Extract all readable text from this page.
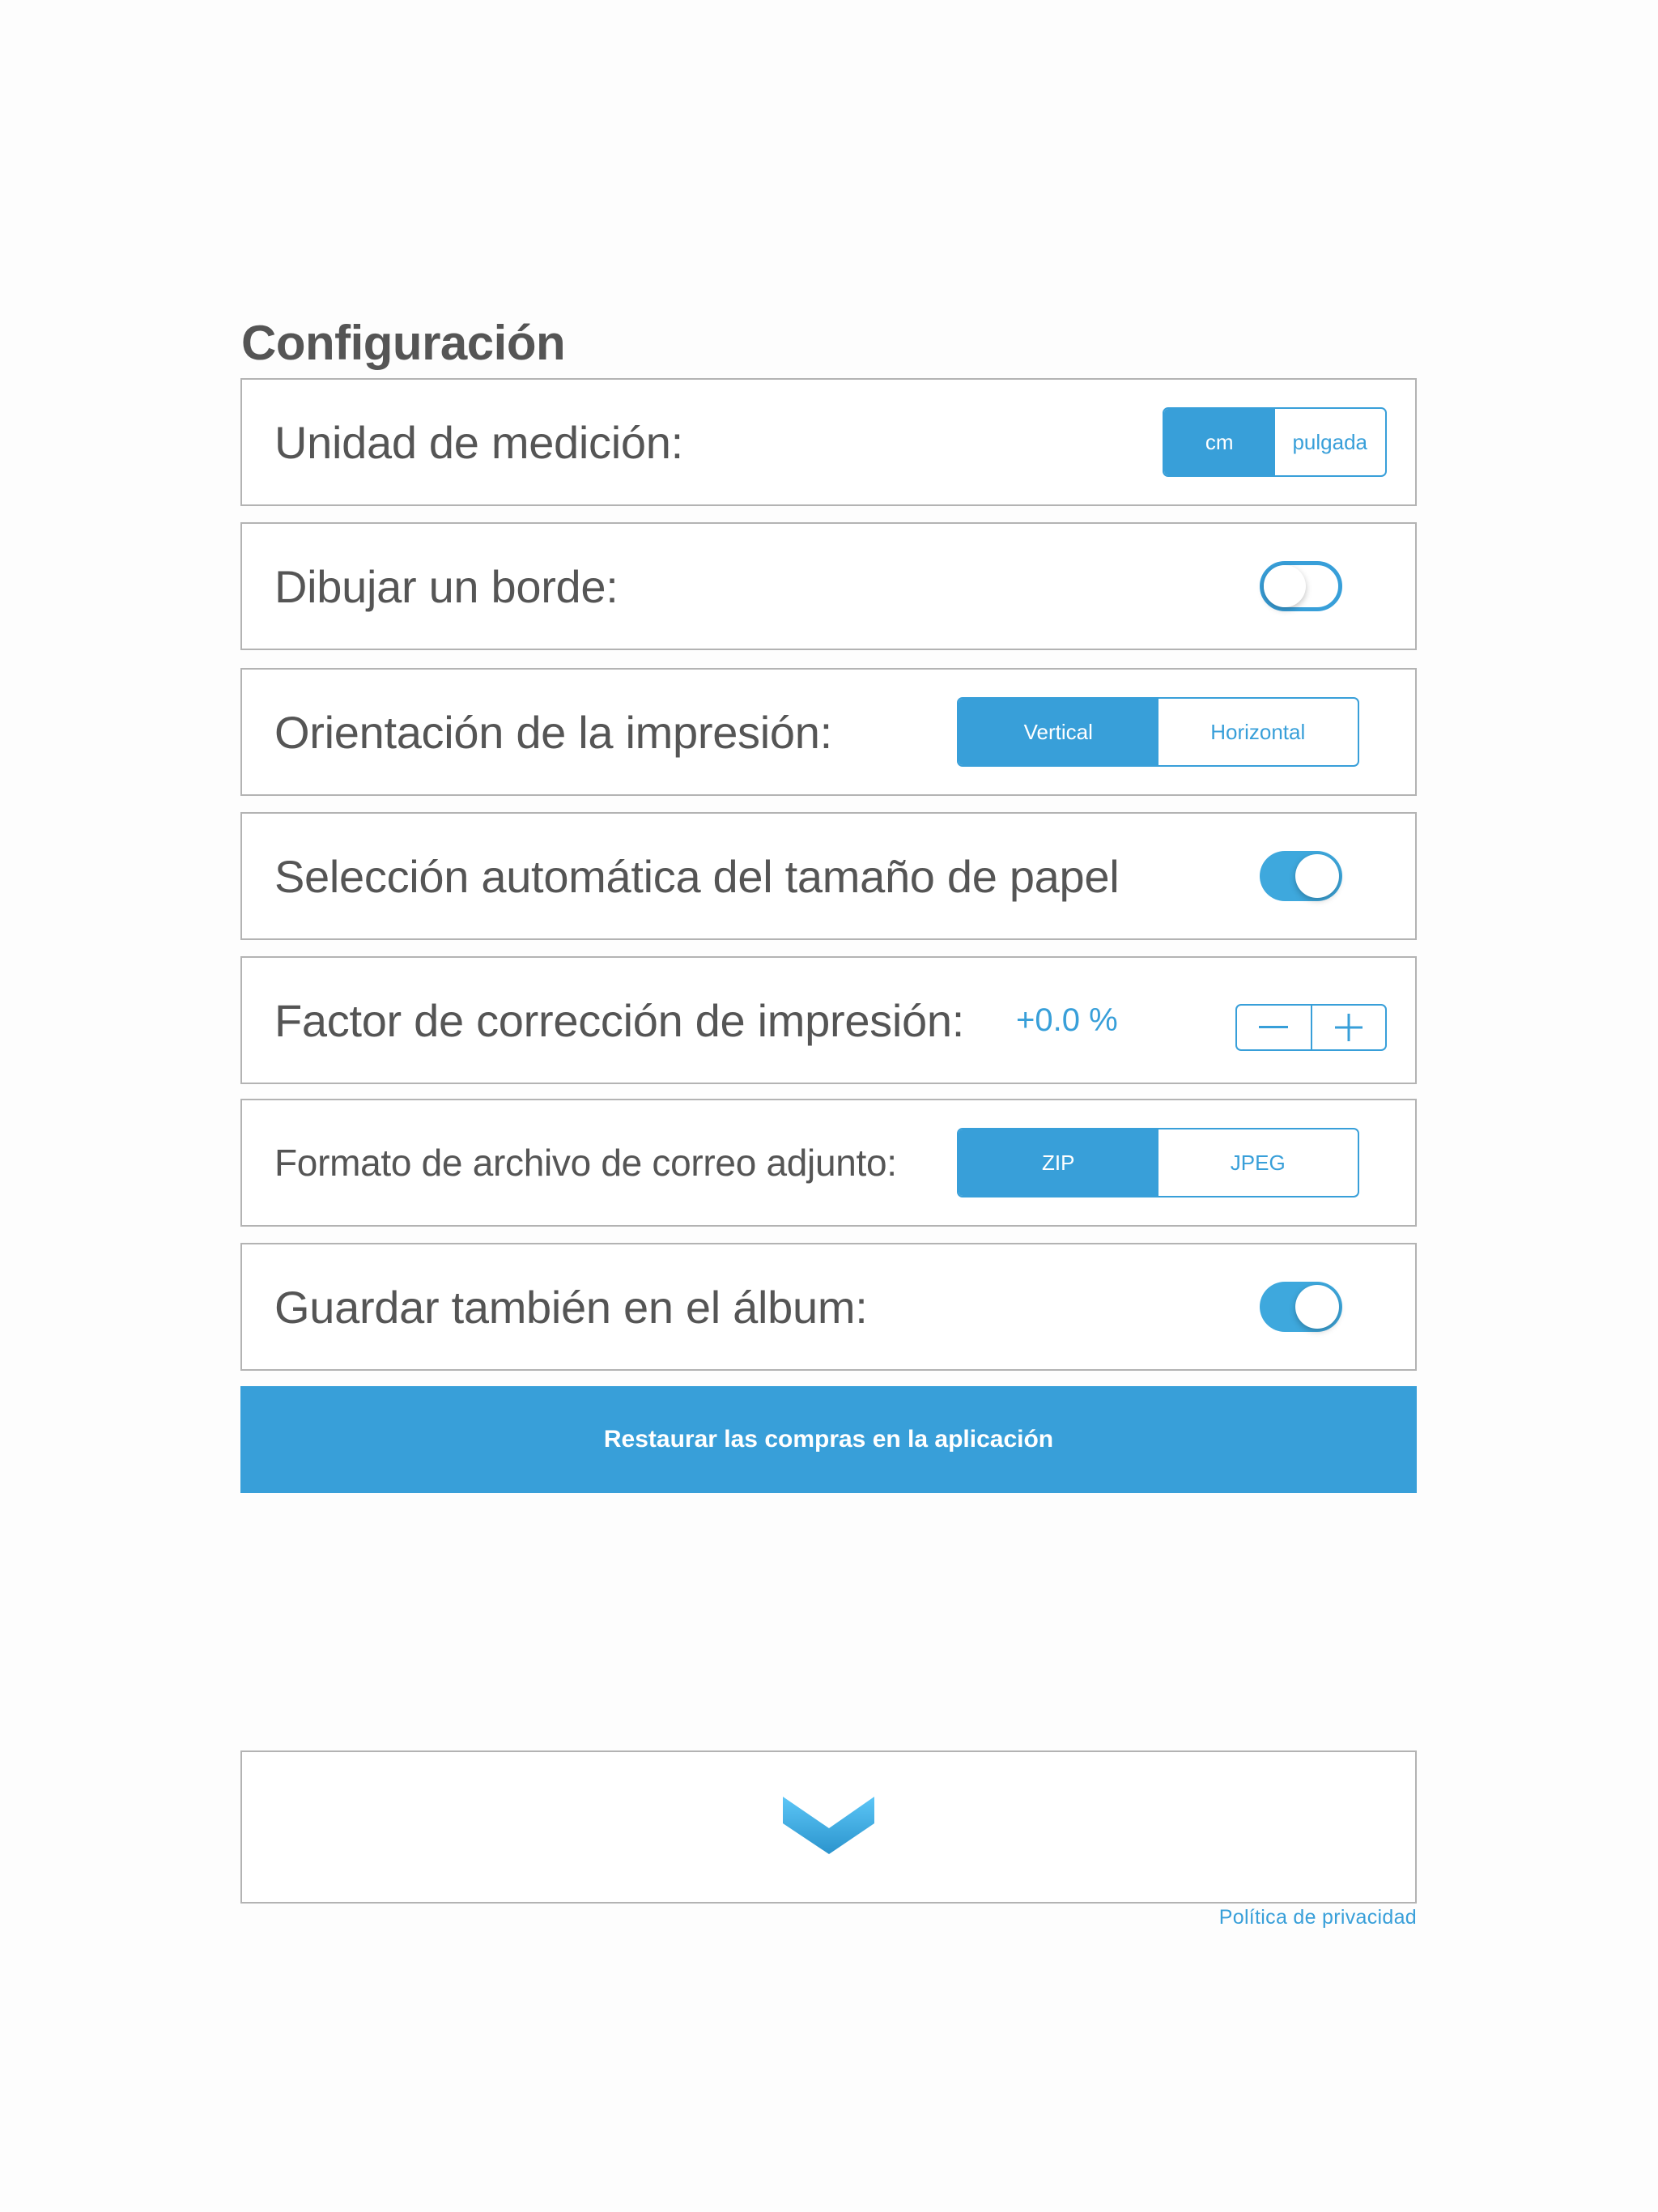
Configuración
Unidad de medición:	cm	pulgada
Dibujar un borde:
Orientación de la impresión:	Vertical	Horizontal
Selección automática del tamaño de papel
Factor de corrección de impresión: +0.0 %
Formato de archivo de correo adjunto:	ZIP	JPEG
Guardar también en el álbum:
Restaurar las compras en la aplicación
Política de privacidad
